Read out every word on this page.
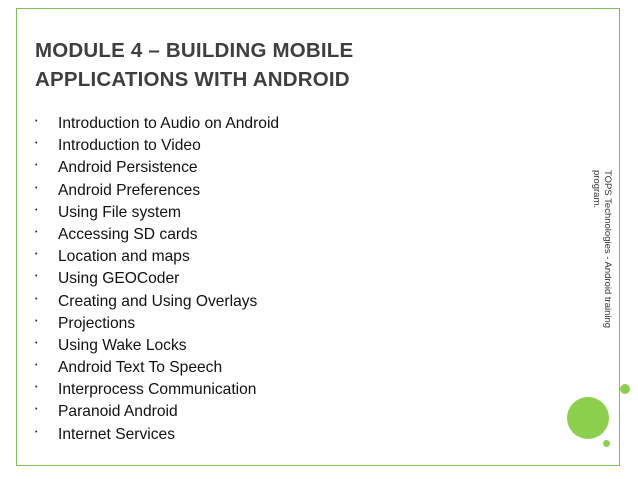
MODULE 4 – BUILDING MOBILE
APPLICATIONS WITH ANDROID
• Introduction to Audio on Android
• Introduction to Video
• Android Persistence
• Android Preferences
• Using File system
• Accessing SD cards
• Location and maps
• Using GEOCoder
• Creating and Using Overlays
• Projections
• Using Wake Locks
• Android Text To Speech
• Interprocess Communication
• Paranoid Android
• Internet Services
TOPS Technologies - Android training
program.
